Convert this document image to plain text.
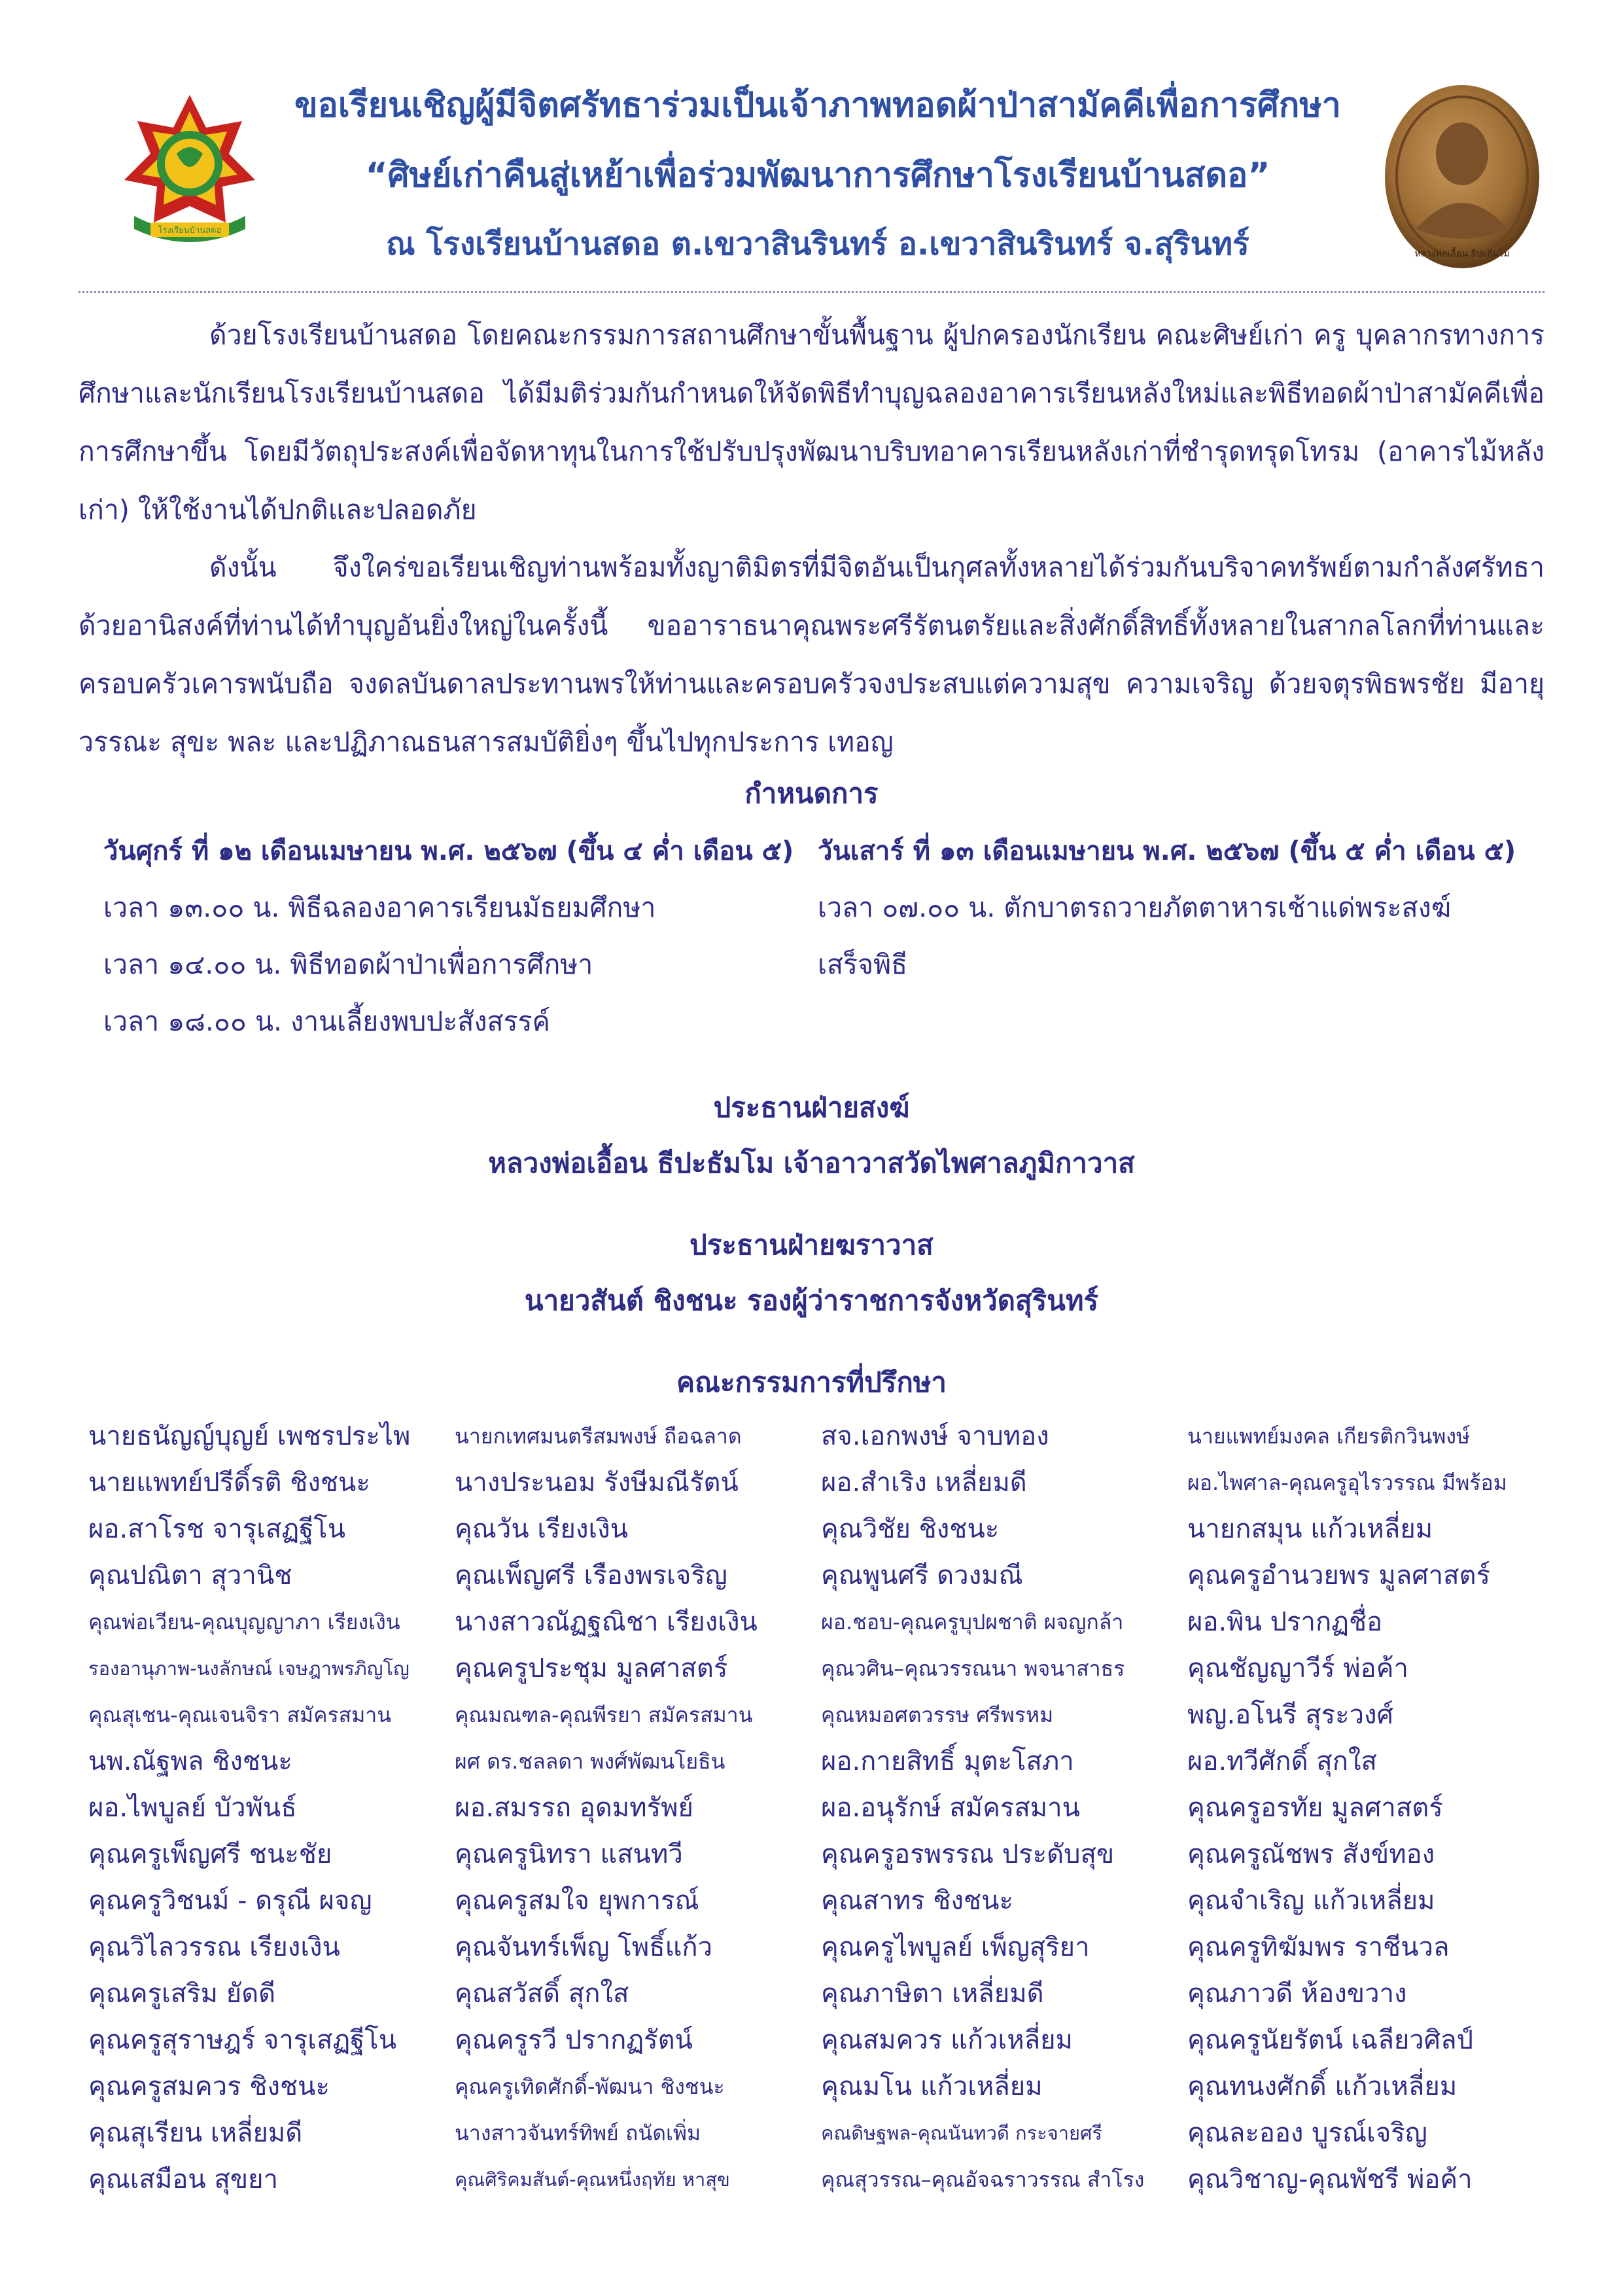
โรงเรียนบ้านสดอ
ขอเรียนเชิญผู้มีจิตศรัทธาร่วมเป็นเจ้าภาพทอดผ้าป่าสามัคคีเพื่อการศึกษา
“ศิษย์เก่าคืนสู่เหย้าเพื่อร่วมพัฒนาการศึกษาโรงเรียนบ้านสดอ”
ณ โรงเรียนบ้านสดอ ต.เขวาสินรินทร์ อ.เขวาสินรินทร์ จ.สุรินทร์	หลวงพ่อเอื้อน ธีปะธัมโม
ด้วยโรงเรียนบ้านสดอ โดยคณะกรรมการสถานศึกษาขั้นพื้นฐาน ผู้ปกครองนักเรียน คณะศิษย์เก่า ครู บุคลากรทางการศึกษาและนักเรียนโรงเรียนบ้านสดอ ได้มีมติร่วมกันกำหนดให้จัดพิธีทำบุญฉลองอาคารเรียนหลังใหม่และพิธีทอดผ้าป่าสามัคคีเพื่อการศึกษาขึ้น โดยมีวัตถุประสงค์เพื่อจัดหาทุนในการใช้ปรับปรุงพัฒนาบริบทอาคารเรียนหลังเก่าที่ชำรุดทรุดโทรม (อาคารไม้หลังเก่า) ให้ใช้งานได้ปกติและปลอดภัย
ดังนั้น จึงใคร่ขอเรียนเชิญท่านพร้อมทั้งญาติมิตรที่มีจิตอันเป็นกุศลทั้งหลายได้ร่วมกันบริจาคทรัพย์ตามกำลังศรัทธา ด้วยอานิสงค์ที่ท่านได้ทำบุญอันยิ่งใหญ่ในครั้งนี้ ขออาราธนาคุณพระศรีรัตนตรัยและสิ่งศักดิ์สิทธิ์ทั้งหลายในสากลโลกที่ท่านและครอบครัวเคารพนับถือ จงดลบันดาลประทานพรให้ท่านและครอบครัวจงประสบแต่ความสุข ความเจริญ ด้วยจตุรพิธพรชัย มีอายุ วรรณะ สุขะ พละ และปฏิภาณธนสารสมบัติยิ่งๆ ขึ้นไปทุกประการ เทอญ
กำหนดการ
วันศุกร์ ที่ ๑๒ เดือนเมษายน พ.ศ. ๒๕๖๗ (ขึ้น ๔ ค่ำ เดือน ๕) วันเสาร์ ที่ ๑๓ เดือนเมษายน พ.ศ. ๒๕๖๗ (ขึ้น ๕ ค่ำ เดือน ๕)
เวลา ๑๓.๐๐ น. พิธีฉลองอาคารเรียนมัธยมศึกษา
เวลา ๑๔.๐๐ น. พิธีทอดผ้าป่าเพื่อการศึกษา
เวลา ๑๘.๐๐ น. งานเลี้ยงพบปะสังสรรค์
เวลา ๐๗.๐๐ น. ตักบาตรถวายภัตตาหารเช้าแด่พระสงฆ์
เสร็จพิธี
ประธานฝ่ายสงฆ์
หลวงพ่อเอื้อน ธีปะธัมโม เจ้าอาวาสวัดไพศาลภูมิกาวาส
ประธานฝ่ายฆราวาส
นายวสันต์ ชิงชนะ รองผู้ว่าราชการจังหวัดสุรินทร์
คณะกรรมการที่ปรึกษา
นายธนัญญ์บุญย์ เพชรประไพ
นายแพทย์ปรีดิ์รติ ชิงชนะ
ผอ.สาโรช จารุเสฏฐีโน
คุณปณิตา สุวานิช
คุณพ่อเวียน-คุณบุญญาภา เรียงเงิน
รองอานุภาพ-นงลักษณ์ เจษฎาพรภิญโญ
คุณสุเชน-คุณเจนจิรา สมัครสมาน
นพ.ณัฐพล ชิงชนะ
ผอ.ไพบูลย์ บัวพันธ์
คุณครูเพ็ญศรี ชนะชัย
คุณครูวิชนม์ - ดรุณี ผจญ
คุณวิไลวรรณ เรียงเงิน
คุณครูเสริม ยัดดี
คุณครูสุราษฎร์ จารุเสฏฐีโน
คุณครูสมควร ชิงชนะ
คุณสุเรียน เหลี่ยมดี
คุณเสมือน สุขยา
นายกเทศมนตรีสมพงษ์ ถือฉลาด
นางประนอม รังษีมณีรัตน์
คุณวัน เรียงเงิน
คุณเพ็ญศรี เรืองพรเจริญ
นางสาวณัฏฐณิชา เรียงเงิน
คุณครูประชุม มูลศาสตร์
คุณมณฑล-คุณพีรยา สมัครสมาน
ผศ ดร.ชลลดา พงศ์พัฒนโยธิน
ผอ.สมรรถ อุดมทรัพย์
คุณครูนิทรา แสนทวี
คุณครูสมใจ ยุพการณ์
คุณจันทร์เพ็ญ โพธิ์แก้ว
คุณสวัสดิ์ สุกใส
คุณครูรวี ปรากฏรัตน์
คุณครูเทิดศักดิ์-พัฒนา ชิงชนะ
นางสาวจันทร์ทิพย์ ถนัดเพิ่ม
คุณศิริคมสันต์-คุณหนึ่งฤทัย หาสุข
สจ.เอกพงษ์ จาบทอง
ผอ.สำเริง เหลี่ยมดี
คุณวิชัย ชิงชนะ
คุณพูนศรี ดวงมณี
ผอ.ชอบ-คุณครูบุปผชาติ ผจญกล้า
คุณวศิน–คุณวรรณนา พจนาสาธร
คุณหมอศตวรรษ ศรีพรหม
ผอ.กายสิทธิ์ มุตะโสภา
ผอ.อนุรักษ์ สมัครสมาน
คุณครูอรพรรณ ประดับสุข
คุณสาทร ชิงชนะ
คุณครูไพบูลย์ เพ็ญสุริยา
คุณภาษิตา เหลี่ยมดี
คุณสมควร แก้วเหลี่ยม
คุณมโน แก้วเหลี่ยม
คณดิษฐพล-คุณนันทวดี กระจายศรี
คุณสุวรรณ–คุณอัจฉราวรรณ สำโรง
นายแพทย์มงคล เกียรติกวินพงษ์
ผอ.ไพศาล-คุณครูอุไรวรรณ มีพร้อม
นายกสมุน แก้วเหลี่ยม
คุณครูอำนวยพร มูลศาสตร์
ผอ.พิน ปรากฏชื่อ
คุณชัญญาวีร์ พ่อค้า
พญ.อโนรี สุระวงศ์
ผอ.ทวีศักดิ์ สุกใส
คุณครูอรทัย มูลศาสตร์
คุณครูณัชพร สังข์ทอง
คุณจำเริญ แก้วเหลี่ยม
คุณครูทิฆัมพร ราชีนวล
คุณภาวดี ห้องขวาง
คุณครูนัยรัตน์ เฉลียวศิลป์
คุณทนงศักดิ์ แก้วเหลี่ยม
คุณละออง บูรณ์เจริญ
คุณวิชาญ-คุณพัชรี พ่อค้า
